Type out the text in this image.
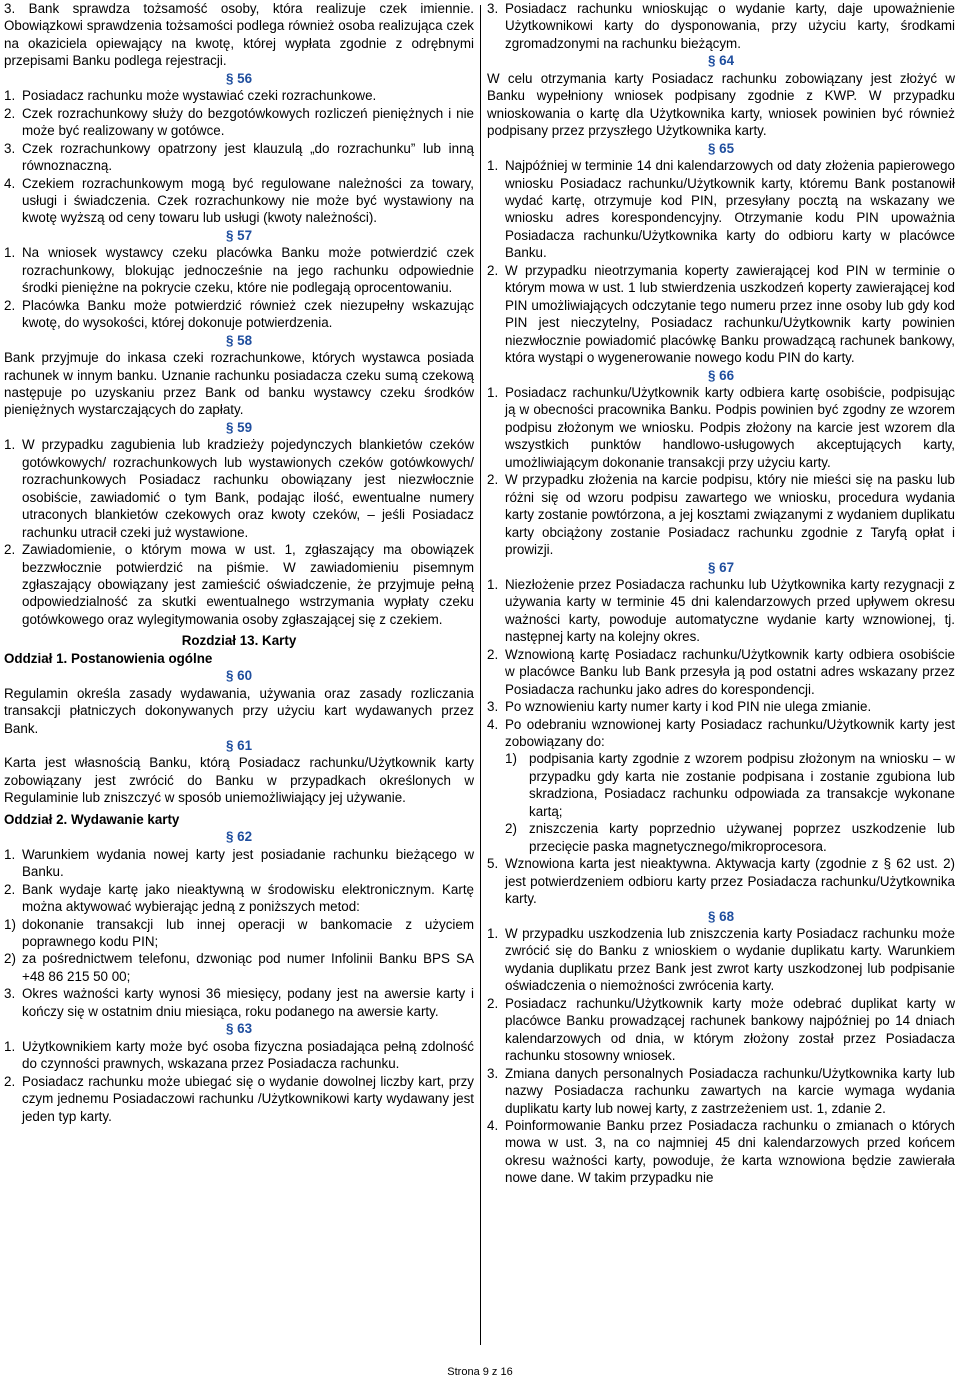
3. Bank sprawdza tożsamość osoby, która realizuje czek imiennie. Obowiązkowi sprawdzenia tożsamości podlega również osoba realizująca czek na okaziciela opiewający na kwotę, której wypłata zgodnie z odrębnymi przepisami Banku podlega rejestracji.

§ 56

1. Posiadacz rachunku może wystawiać czeki rozrachunkowe.
2. Czek rozrachunkowy służy do bezgotówkowych rozliczeń pieniężnych i nie może być realizowany w gotówce.
3. Czek rozrachunkowy opatrzony jest klauzulą „do rozrachunku” lub inną równoznaczną.
4. Czekiem rozrachunkowym mogą być regulowane należności za towary, usługi i świadczenia. Czek rozrachunkowy nie może być wystawiony na kwotę wyższą od ceny towaru lub usługi (kwoty należności).

§ 57

1. Na wniosek wystawcy czeku placówka Banku może potwierdzić czek rozrachunkowy, blokując jednocześnie na jego rachunku odpowiednie środki pieniężne na pokrycie czeku, które nie podlegają oprocentowaniu.
2. Placówka Banku może potwierdzić również czek niezupełny wskazując kwotę, do wysokości, której dokonuje potwierdzenia.

§ 58

Bank przyjmuje do inkasa czeki rozrachunkowe, których wystawca posiada rachunek w innym banku. Uznanie rachunku posiadacza czeku sumą czekową następuje po uzyskaniu przez Bank od banku wystawcy czeku środków pieniężnych wystarczających do zapłaty.

§ 59

1. W przypadku zagubienia lub kradzieży pojedynczych blankietów czeków gotówkowych/ rozrachunkowych lub wystawionych czeków gotówkowych/ rozrachunkowych Posiadacz rachunku obowiązany jest niezwłocznie osobiście, zawiadomić o tym Bank, podając ilość, ewentualne numery utraconych blankietów czekowych oraz kwoty czeków, – jeśli Posiadacz rachunku utracił czeki już wystawione.
2. Zawiadomienie, o którym mowa w ust. 1, zgłaszający ma obowiązek bezzwłocznie potwierdzić na piśmie. W zawiadomieniu pisemnym zgłaszający obowiązany jest zamieścić oświadczenie, że przyjmuje pełną odpowiedzialność za skutki ewentualnego wstrzymania wypłaty czeku gotówkowego oraz wylegitymowania osoby zgłaszającej się z czekiem.

Rozdział 13. Karty

Oddział 1. Postanowienia ogólne

§ 60

Regulamin określa zasady wydawania, używania oraz zasady rozliczania transakcji płatniczych dokonywanych przy użyciu kart wydawanych przez Bank.

§ 61

Karta jest własnością Banku, którą Posiadacz rachunku/Użytkownik karty zobowiązany jest zwrócić do Banku w przypadkach określonych w Regulaminie lub zniszczyć w sposób uniemożliwiający jej używanie.

Oddział 2. Wydawanie karty

§ 62

1. Warunkiem wydania nowej karty jest posiadanie rachunku bieżącego w Banku.
2. Bank wydaje kartę jako nieaktywną w środowisku elektronicznym. Kartę można aktywować wybierając jedną z poniższych metod:
1) dokonanie transakcji lub innej operacji w bankomacie z użyciem poprawnego kodu PIN;
2) za pośrednictwem telefonu, dzwoniąc pod numer Infolinii Banku BPS SA +48 86 215 50 00;
3. Okres ważności karty wynosi 36 miesięcy, podany jest na awersie karty i kończy się w ostatnim dniu miesiąca, roku podanego na awersie karty.

§ 63

1. Użytkownikiem karty może być osoba fizyczna posiadająca pełną zdolność do czynności prawnych, wskazana przez Posiadacza rachunku.
2. Posiadacz rachunku może ubiegać się o wydanie dowolnej liczby kart, przy czym jednemu Posiadaczowi rachunku /Użytkownikowi karty wydawany jest jeden typ karty.
3. Posiadacz rachunku wnioskując o wydanie karty, daje upoważnienie Użytkownikowi karty do dysponowania, przy użyciu karty, środkami zgromadzonymi na rachunku bieżącym.

§ 64

W celu otrzymania karty Posiadacz rachunku zobowiązany jest złożyć w Banku wypełniony wniosek podpisany zgodnie z KWP. W przypadku wnioskowania o kartę dla Użytkownika karty, wniosek powinien być również podpisany przez przyszłego Użytkownika karty.

§ 65

1. Najpóźniej w terminie 14 dni kalendarzowych od daty złożenia papierowego wniosku Posiadacz rachunku/Użytkownik karty, któremu Bank postanowił wydać kartę, otrzymuje kod PIN, przesyłany pocztą na wskazany we wniosku adres korespondencyjny. Otrzymanie kodu PIN upoważnia Posiadacza rachunku/Użytkownika karty do odbioru karty w placówce Banku.
2. W przypadku nieotrzymania koperty zawierającej kod PIN w terminie o którym mowa w ust. 1 lub stwierdzenia uszkodzeń koperty zawierającej kod PIN umożliwiających odczytanie tego numeru przez inne osoby lub gdy kod PIN jest nieczytelny, Posiadacz rachunku/Użytkownik karty powinien niezwłocznie powiadomić placówkę Banku prowadzącą rachunek bankowy, która wystąpi o wygenerowanie nowego kodu PIN do karty.

§ 66

1. Posiadacz rachunku/Użytkownik karty odbiera kartę osobiście, podpisując ją w obecności pracownika Banku. Podpis powinien być zgodny ze wzorem podpisu złożonym we wniosku. Podpis złożony na karcie jest wzorem dla wszystkich punktów handlowo-usługowych akceptujących karty, umożliwiającym dokonanie transakcji przy użyciu karty.
2. W przypadku złożenia na karcie podpisu, który nie mieści się na pasku lub różni się od wzoru podpisu zawartego we wniosku, procedura wydania karty zostanie powtórzona, a jej kosztami związanymi z wydaniem duplikatu karty obciążony zostanie Posiadacz rachunku zgodnie z Taryfą opłat i prowizji.

§ 67

1. Niezłożenie przez Posiadacza rachunku lub Użytkownika karty rezygnacji z używania karty w terminie 45 dni kalendarzowych przed upływem okresu ważności karty, powoduje automatyczne wydanie karty wznowionej, tj. następnej karty na kolejny okres.
2. Wznowioną kartę Posiadacz rachunku/Użytkownik karty odbiera osobiście w placówce Banku lub Bank przesyła ją pod ostatni adres wskazany przez Posiadacza rachunku jako adres do korespondencji.
3. Po wznowieniu karty numer karty i kod PIN nie ulega zmianie.
4. Po odebraniu wznowionej karty Posiadacz rachunku/Użytkownik karty jest zobowiązany do:
1) podpisania karty zgodnie z wzorem podpisu złożonym na wniosku – w przypadku gdy karta nie zostanie podpisana i zostanie zgubiona lub skradziona, Posiadacz rachunku odpowiada za transakcje wykonane kartą;
2) zniszczenia karty poprzednio używanej poprzez uszkodzenie lub przecięcie paska magnetycznego/mikroprocesora.
5. Wznowiona karta jest nieaktywna. Aktywacja karty (zgodnie z § 62 ust. 2) jest potwierdzeniem odbioru karty przez Posiadacza rachunku/Użytkownika karty.

§ 68

1. W przypadku uszkodzenia lub zniszczenia karty Posiadacz rachunku może zwrócić się do Banku z wnioskiem o wydanie duplikatu karty. Warunkiem wydania duplikatu przez Bank jest zwrot karty uszkodzonej lub podpisanie oświadczenia o niemożności zwrócenia karty.
2. Posiadacz rachunku/Użytkownik karty może odebrać duplikat karty w placówce Banku prowadzącej rachunek bankowy najpóźniej po 14 dniach kalendarzowych od dnia, w którym złożony został przez Posiadacza rachunku stosowny wniosek.
3. Zmiana danych personalnych Posiadacza rachunku/Użytkownika karty lub nazwy Posiadacza rachunku zawartych na karcie wymaga wydania duplikatu karty lub nowej karty, z zastrzeżeniem ust. 1, zdanie 2.
4. Poinformowanie Banku przez Posiadacza rachunku o zmianach o których mowa w ust. 3, na co najmniej 45 dni kalendarzowych przed końcem okresu ważności karty, powoduje, że karta wznowiona będzie zawierała nowe dane. W takim przypadku nie
Strona 9 z 16
